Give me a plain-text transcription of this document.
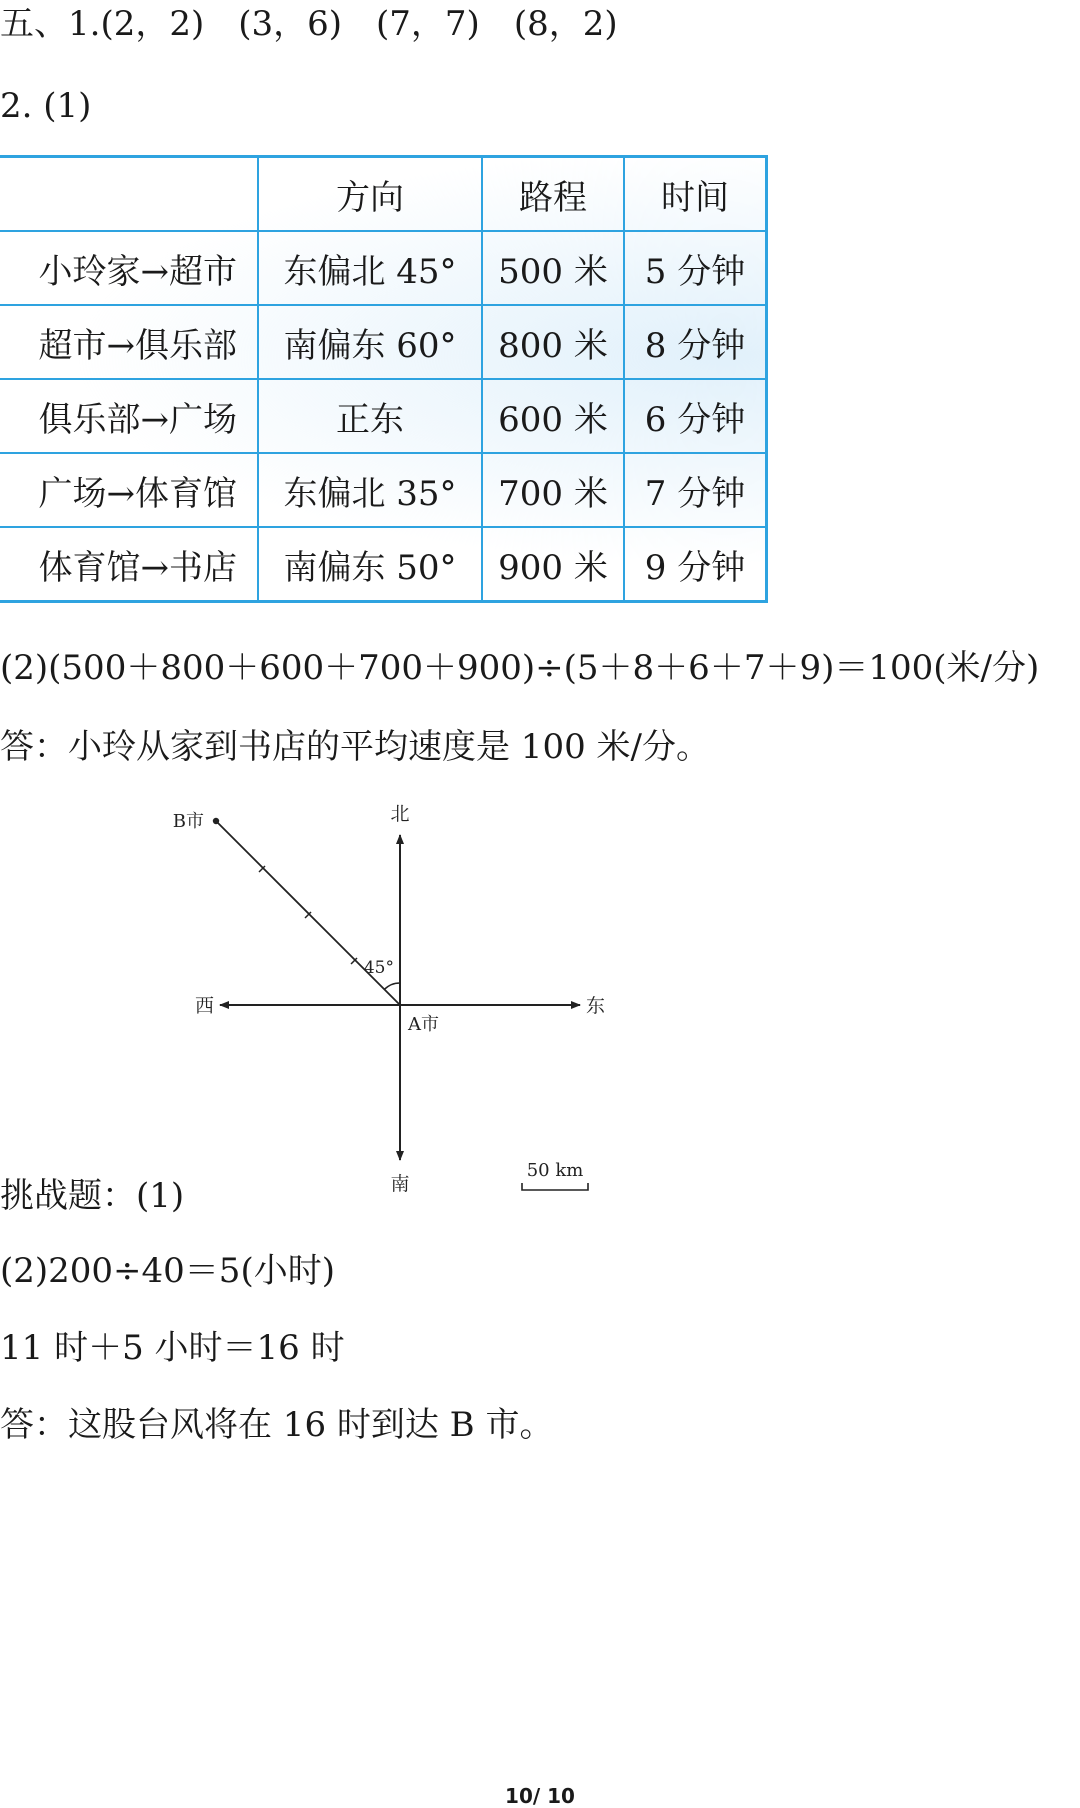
五、1.(2，2)　(3，6)　(7，7)　(8，2)
2. (1)
	方向	路程	时间
小玲家→超市	东偏北 45°	500 米	5 分钟
超市→俱乐部	南偏东 60°	800 米	8 分钟
俱乐部→广场	正东	600 米	6 分钟
广场→体育馆	东偏北 35°	700 米	7 分钟
体育馆→书店	南偏东 50°	900 米	9 分钟
(2)(500＋800＋600＋700＋900)÷(5＋8＋6＋7＋9)＝100(米/分)
答：小玲从家到书店的平均速度是 100 米/分。
北
南
东
西
B市
A市
45°
50 km
挑战题：(1)
(2)200÷40＝5(小时)
11 时＋5 小时＝16 时
答：这股台风将在 16 时到达 B 市。
10/ 10
